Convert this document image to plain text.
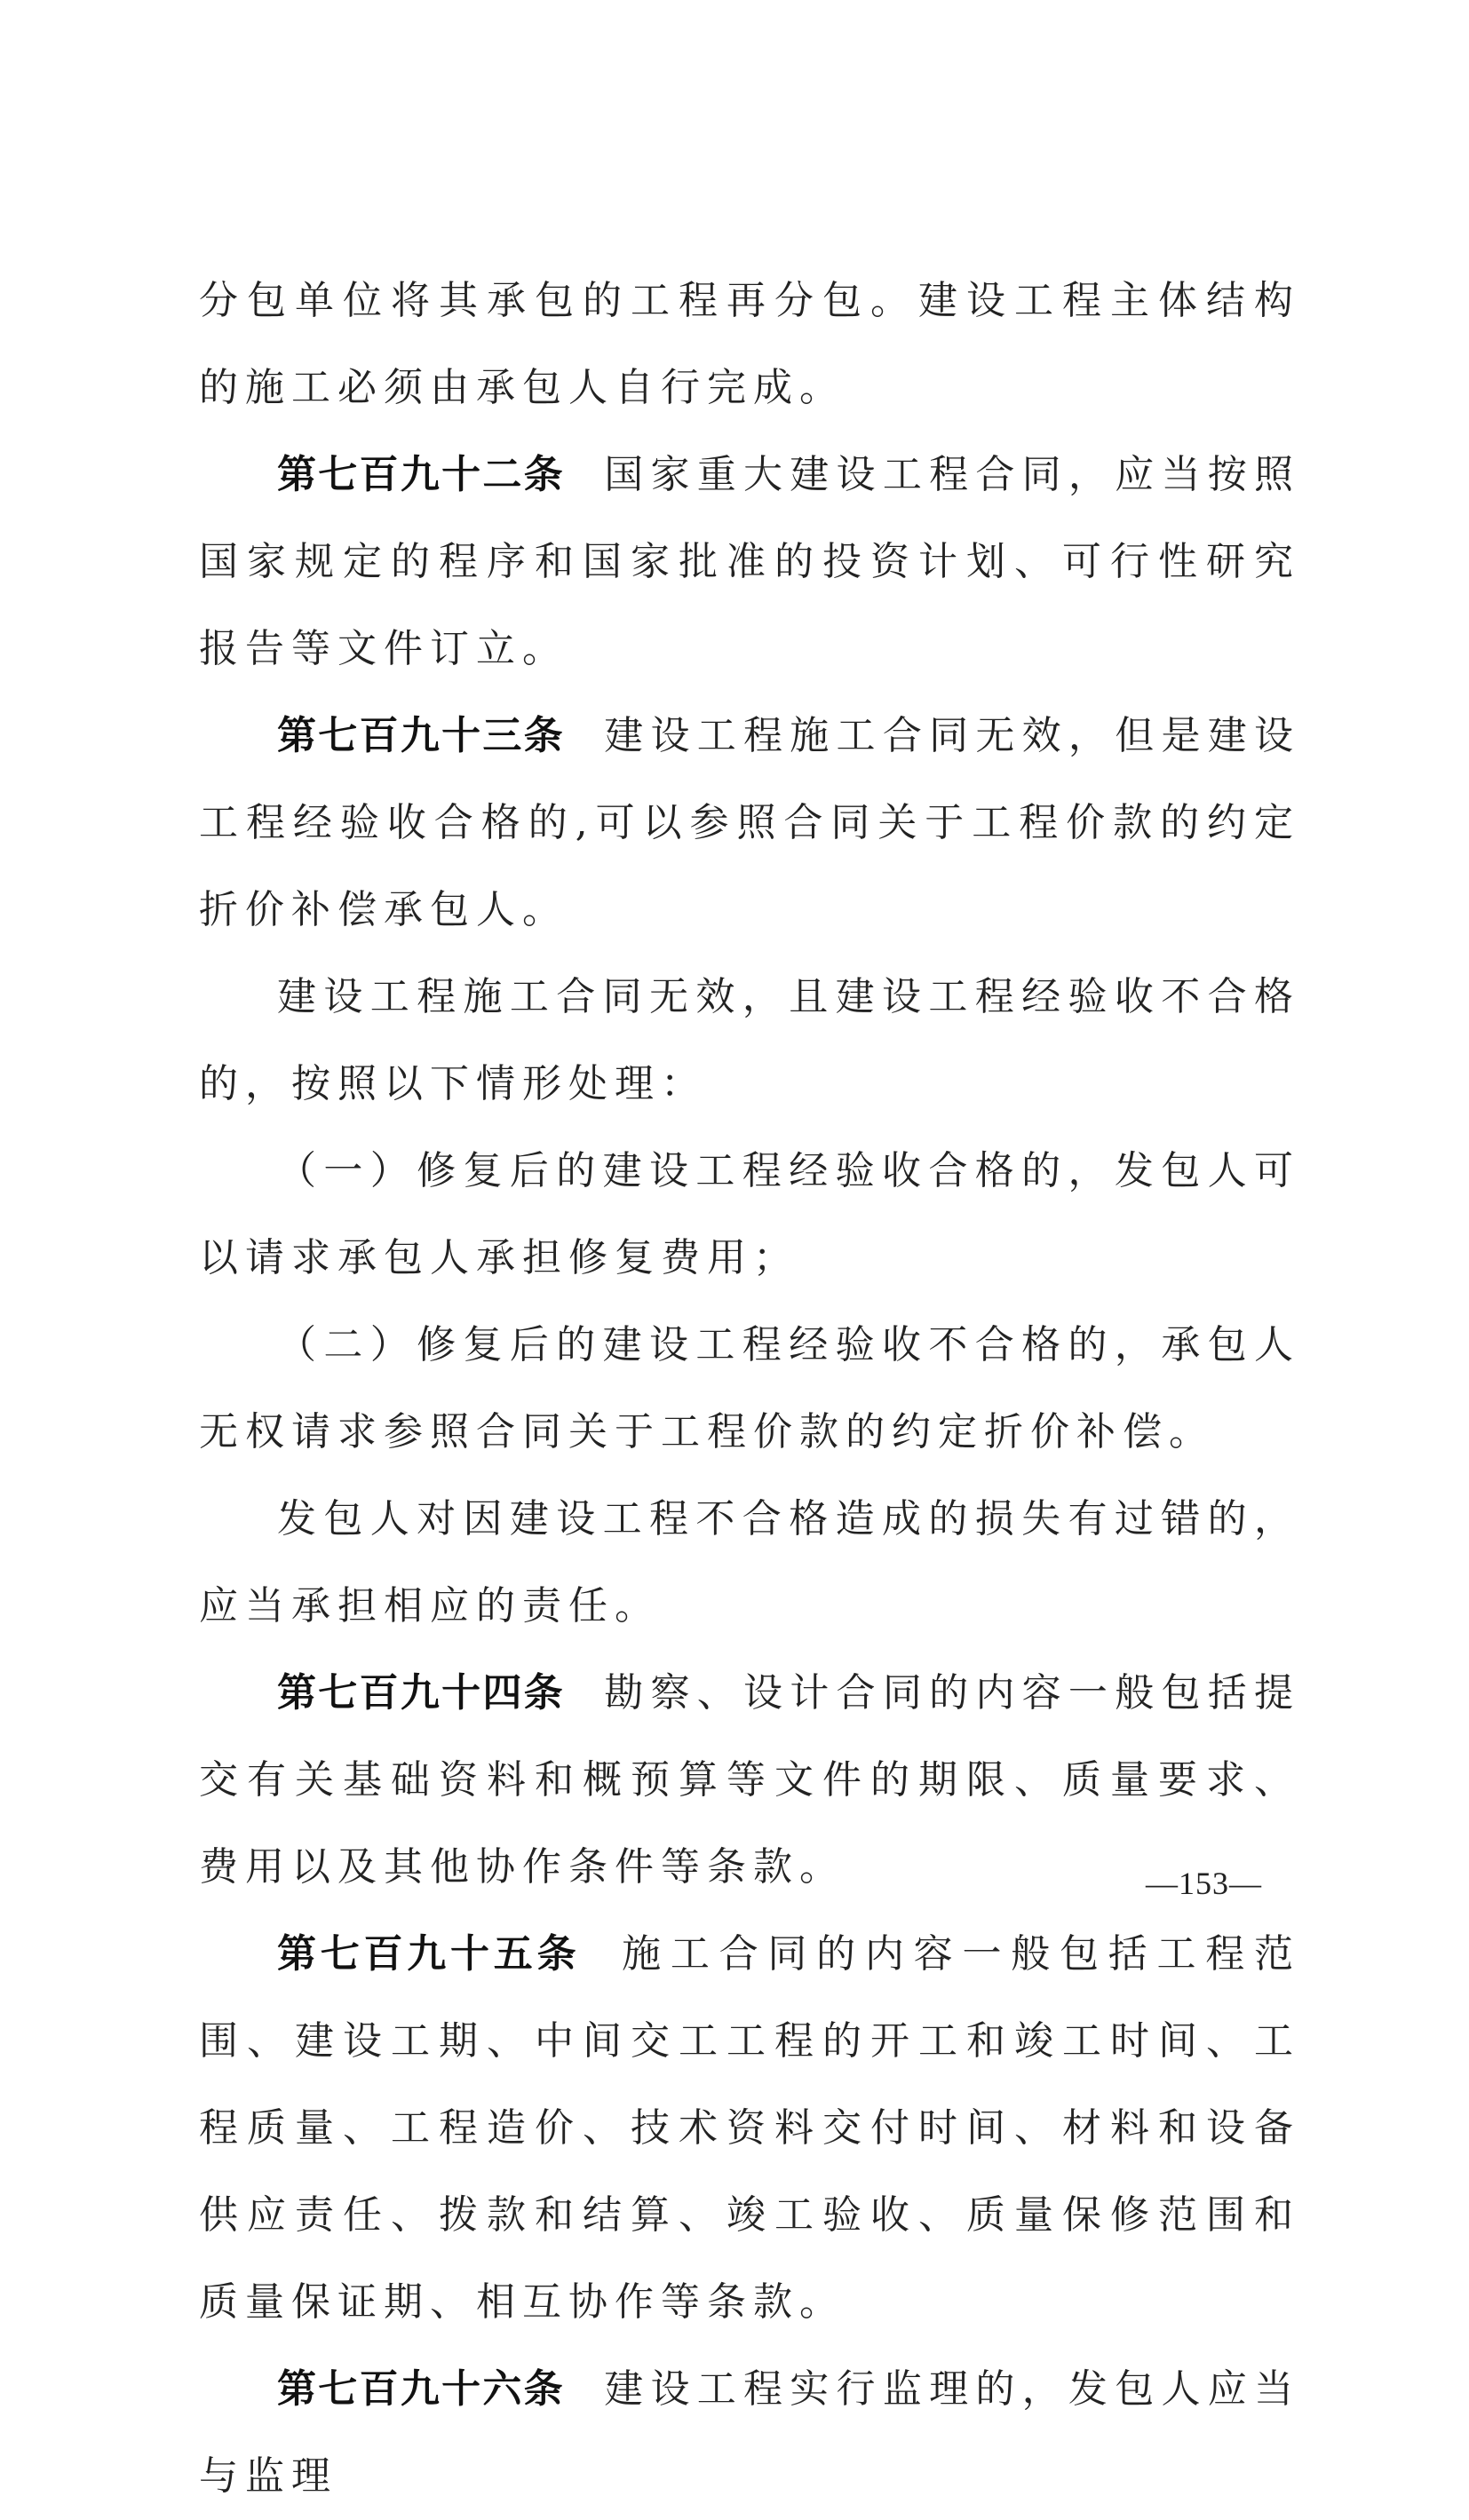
分包单位将其承包的工程再分包。建设工程主体结构的施工必须由承包人自行完成。

第七百九十二条 国家重大建设工程合同，应当按照国家规定的程序和国家批准的投资计划、可行性研究报告等文件订立。

第七百九十三条 建设工程施工合同无效，但是建设工程经验收合格的,可以参照合同关于工程价款的约定折价补偿承包人。

建设工程施工合同无效，且建设工程经验收不合格的，按照以下情形处理：

（一）修复后的建设工程经验收合格的，发包人可以请求承包人承担修复费用；

（二）修复后的建设工程经验收不合格的，承包人无权请求参照合同关于工程价款的约定折价补偿。

发包人对因建设工程不合格造成的损失有过错的，应当承担相应的责任。

第七百九十四条 勘察、设计合同的内容一般包括提交有关基础资料和概预算等文件的期限、质量要求、费用以及其他协作条件等条款。

第七百九十五条 施工合同的内容一般包括工程范围、建设工期、中间交工工程的开工和竣工时间、工程质量、工程造价、技术资料交付时间、材料和设备供应责任、拨款和结算、竣工验收、质量保修范围和质量保证期、相互协作等条款。

第七百九十六条 建设工程实行监理的，发包人应当与监理

—153—
